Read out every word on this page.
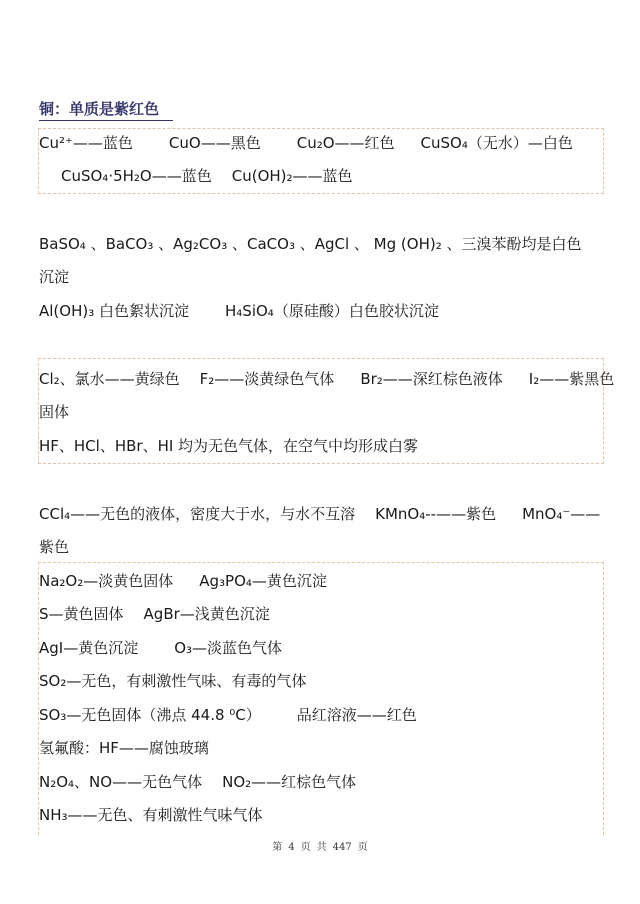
铜：单质是紫红色
Cu²⁺——蓝色 CuO——黑色 Cu₂O——红色 CuSO₄（无水）—白色
CuSO₄·5H₂O——蓝色 Cu(OH)₂——蓝色
BaSO₄ 、BaCO₃ 、Ag₂CO₃ 、CaCO₃ 、AgCl 、 Mg (OH)₂ 、三溴苯酚均是白色
沉淀
Al(OH)₃ 白色絮状沉淀 H₄SiO₄（原硅酸）白色胶状沉淀
Cl₂、氯水——黄绿色 F₂——淡黄绿色气体 Br₂——深红棕色液体 I₂——紫黑色
固体
HF、HCl、HBr、HI 均为无色气体，在空气中均形成白雾
CCl₄——无色的液体，密度大于水，与水不互溶 KMnO₄--——紫色 MnO₄⁻——
紫色
Na₂O₂—淡黄色固体 Ag₃PO₄—黄色沉淀
S—黄色固体 AgBr—浅黄色沉淀
AgI—黄色沉淀 O₃—淡蓝色气体
SO₂—无色，有刺激性气味、有毒的气体
SO₃—无色固体（沸点 44.8 ⁰C） 品红溶液——红色
氢氟酸：HF——腐蚀玻璃
N₂O₄、NO——无色气体 NO₂——红棕色气体
NH₃——无色、有刺激性气味气体
第 4 页 共 447 页
